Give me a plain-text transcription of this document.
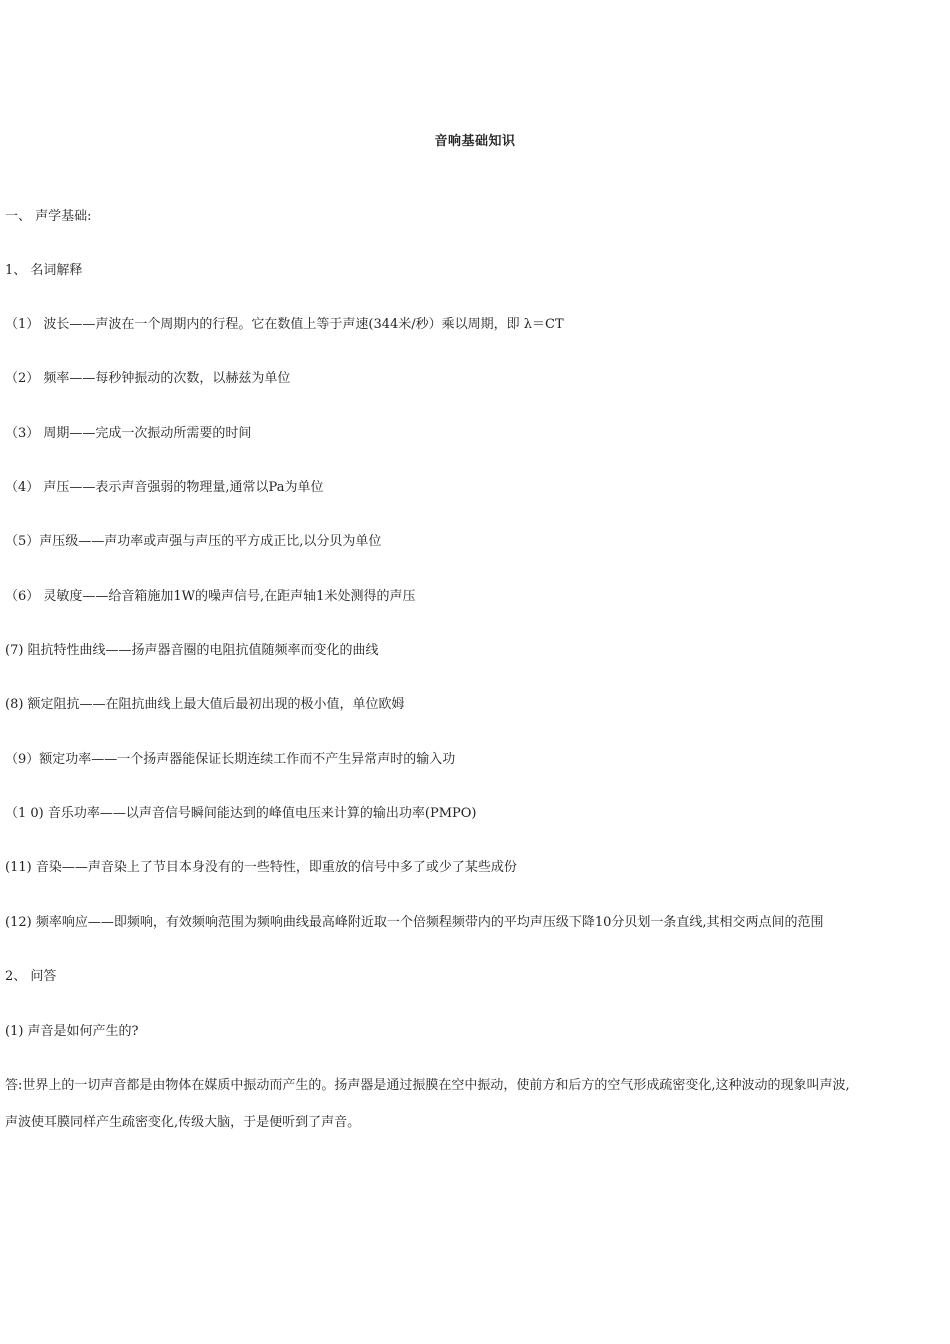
音响基础知识
一、 声学基础:
1、 名词解释
（1） 波长——声波在一个周期内的行程。它在数值上等于声速(344米/秒）乘以周期，即 λ＝CT
（2） 频率——每秒钟振动的次数，以赫兹为单位
（3） 周期——完成一次振动所需要的时间
（4） 声压——表示声音强弱的物理量,通常以Pa为单位
（5）声压级——声功率或声强与声压的平方成正比,以分贝为单位
（6） 灵敏度——给音箱施加1W的噪声信号,在距声轴1米处测得的声压
(7) 阻抗特性曲线——扬声器音圈的电阻抗值随频率而变化的曲线
(8) 额定阻抗——在阻抗曲线上最大值后最初出现的极小值，单位欧姆
（9）额定功率——一个扬声器能保证长期连续工作而不产生异常声时的输入功
（1 0) 音乐功率——以声音信号瞬间能达到的峰值电压来计算的输出功率(PMPO)
(11) 音染——声音染上了节目本身没有的一些特性，即重放的信号中多了或少了某些成份
(12) 频率响应——即频响，有效频响范围为频响曲线最高峰附近取一个倍频程频带内的平均声压级下降10分贝划一条直线,其相交两点间的范围
2、 问答
(1) 声音是如何产生的?
答:世界上的一切声音都是由物体在媒质中振动而产生的。扬声器是通过振膜在空中振动，使前方和后方的空气形成疏密变化,这种波动的现象叫声波,
声波使耳膜同样产生疏密变化,传级大脑，于是便听到了声音。
